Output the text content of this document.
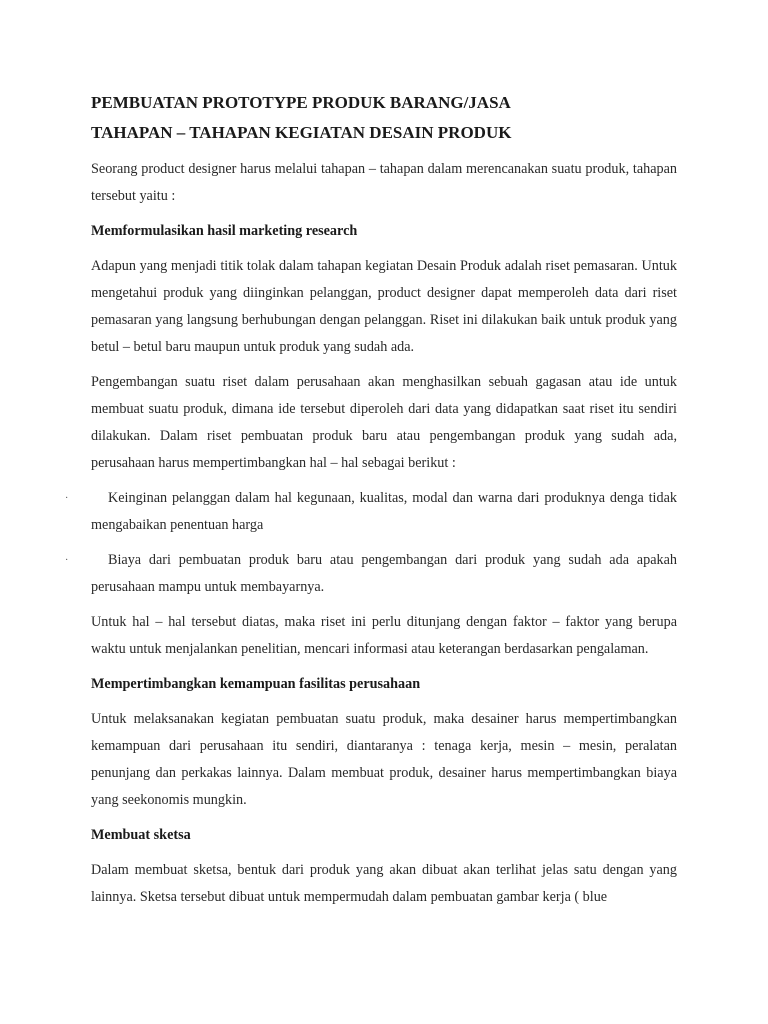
PEMBUATAN PROTOTYPE PRODUK BARANG/JASA
TAHAPAN – TAHAPAN KEGIATAN DESAIN PRODUK

Seorang product designer harus melalui tahapan – tahapan dalam merencanakan suatu produk, tahapan tersebut yaitu :

Memformulasikan hasil marketing research

Adapun yang menjadi titik tolak dalam tahapan kegiatan Desain Produk adalah riset pemasaran. Untuk mengetahui produk yang diinginkan pelanggan, product designer dapat memperoleh data dari riset pemasaran yang langsung berhubungan dengan pelanggan. Riset ini dilakukan baik untuk produk yang betul – betul baru maupun untuk produk yang sudah ada.

Pengembangan suatu riset dalam perusahaan akan menghasilkan sebuah gagasan atau ide untuk membuat suatu produk, dimana ide tersebut diperoleh dari data yang didapatkan saat riset itu sendiri dilakukan. Dalam riset pembuatan produk baru atau pengembangan produk yang sudah ada, perusahaan harus mempertimbangkan hal – hal sebagai berikut :

·	Keinginan pelanggan dalam hal kegunaan, kualitas, modal dan warna dari produknya denga tidak mengabaikan penentuan harga

·	Biaya dari pembuatan produk baru atau pengembangan dari produk yang sudah ada apakah perusahaan mampu untuk membayarnya.

Untuk hal – hal tersebut diatas, maka riset ini perlu ditunjang dengan faktor – faktor yang berupa waktu untuk menjalankan penelitian, mencari informasi atau keterangan berdasarkan pengalaman.

Mempertimbangkan kemampuan fasilitas perusahaan

Untuk melaksanakan kegiatan pembuatan suatu produk, maka desainer harus mempertimbangkan kemampuan dari perusahaan itu sendiri, diantaranya : tenaga kerja, mesin – mesin, peralatan penunjang dan perkakas lainnya. Dalam membuat produk, desainer harus mempertimbangkan biaya yang seekonomis mungkin.

Membuat sketsa

Dalam membuat sketsa, bentuk dari produk yang akan dibuat akan terlihat jelas satu dengan yang lainnya. Sketsa tersebut dibuat untuk mempermudah dalam pembuatan gambar kerja ( blue
